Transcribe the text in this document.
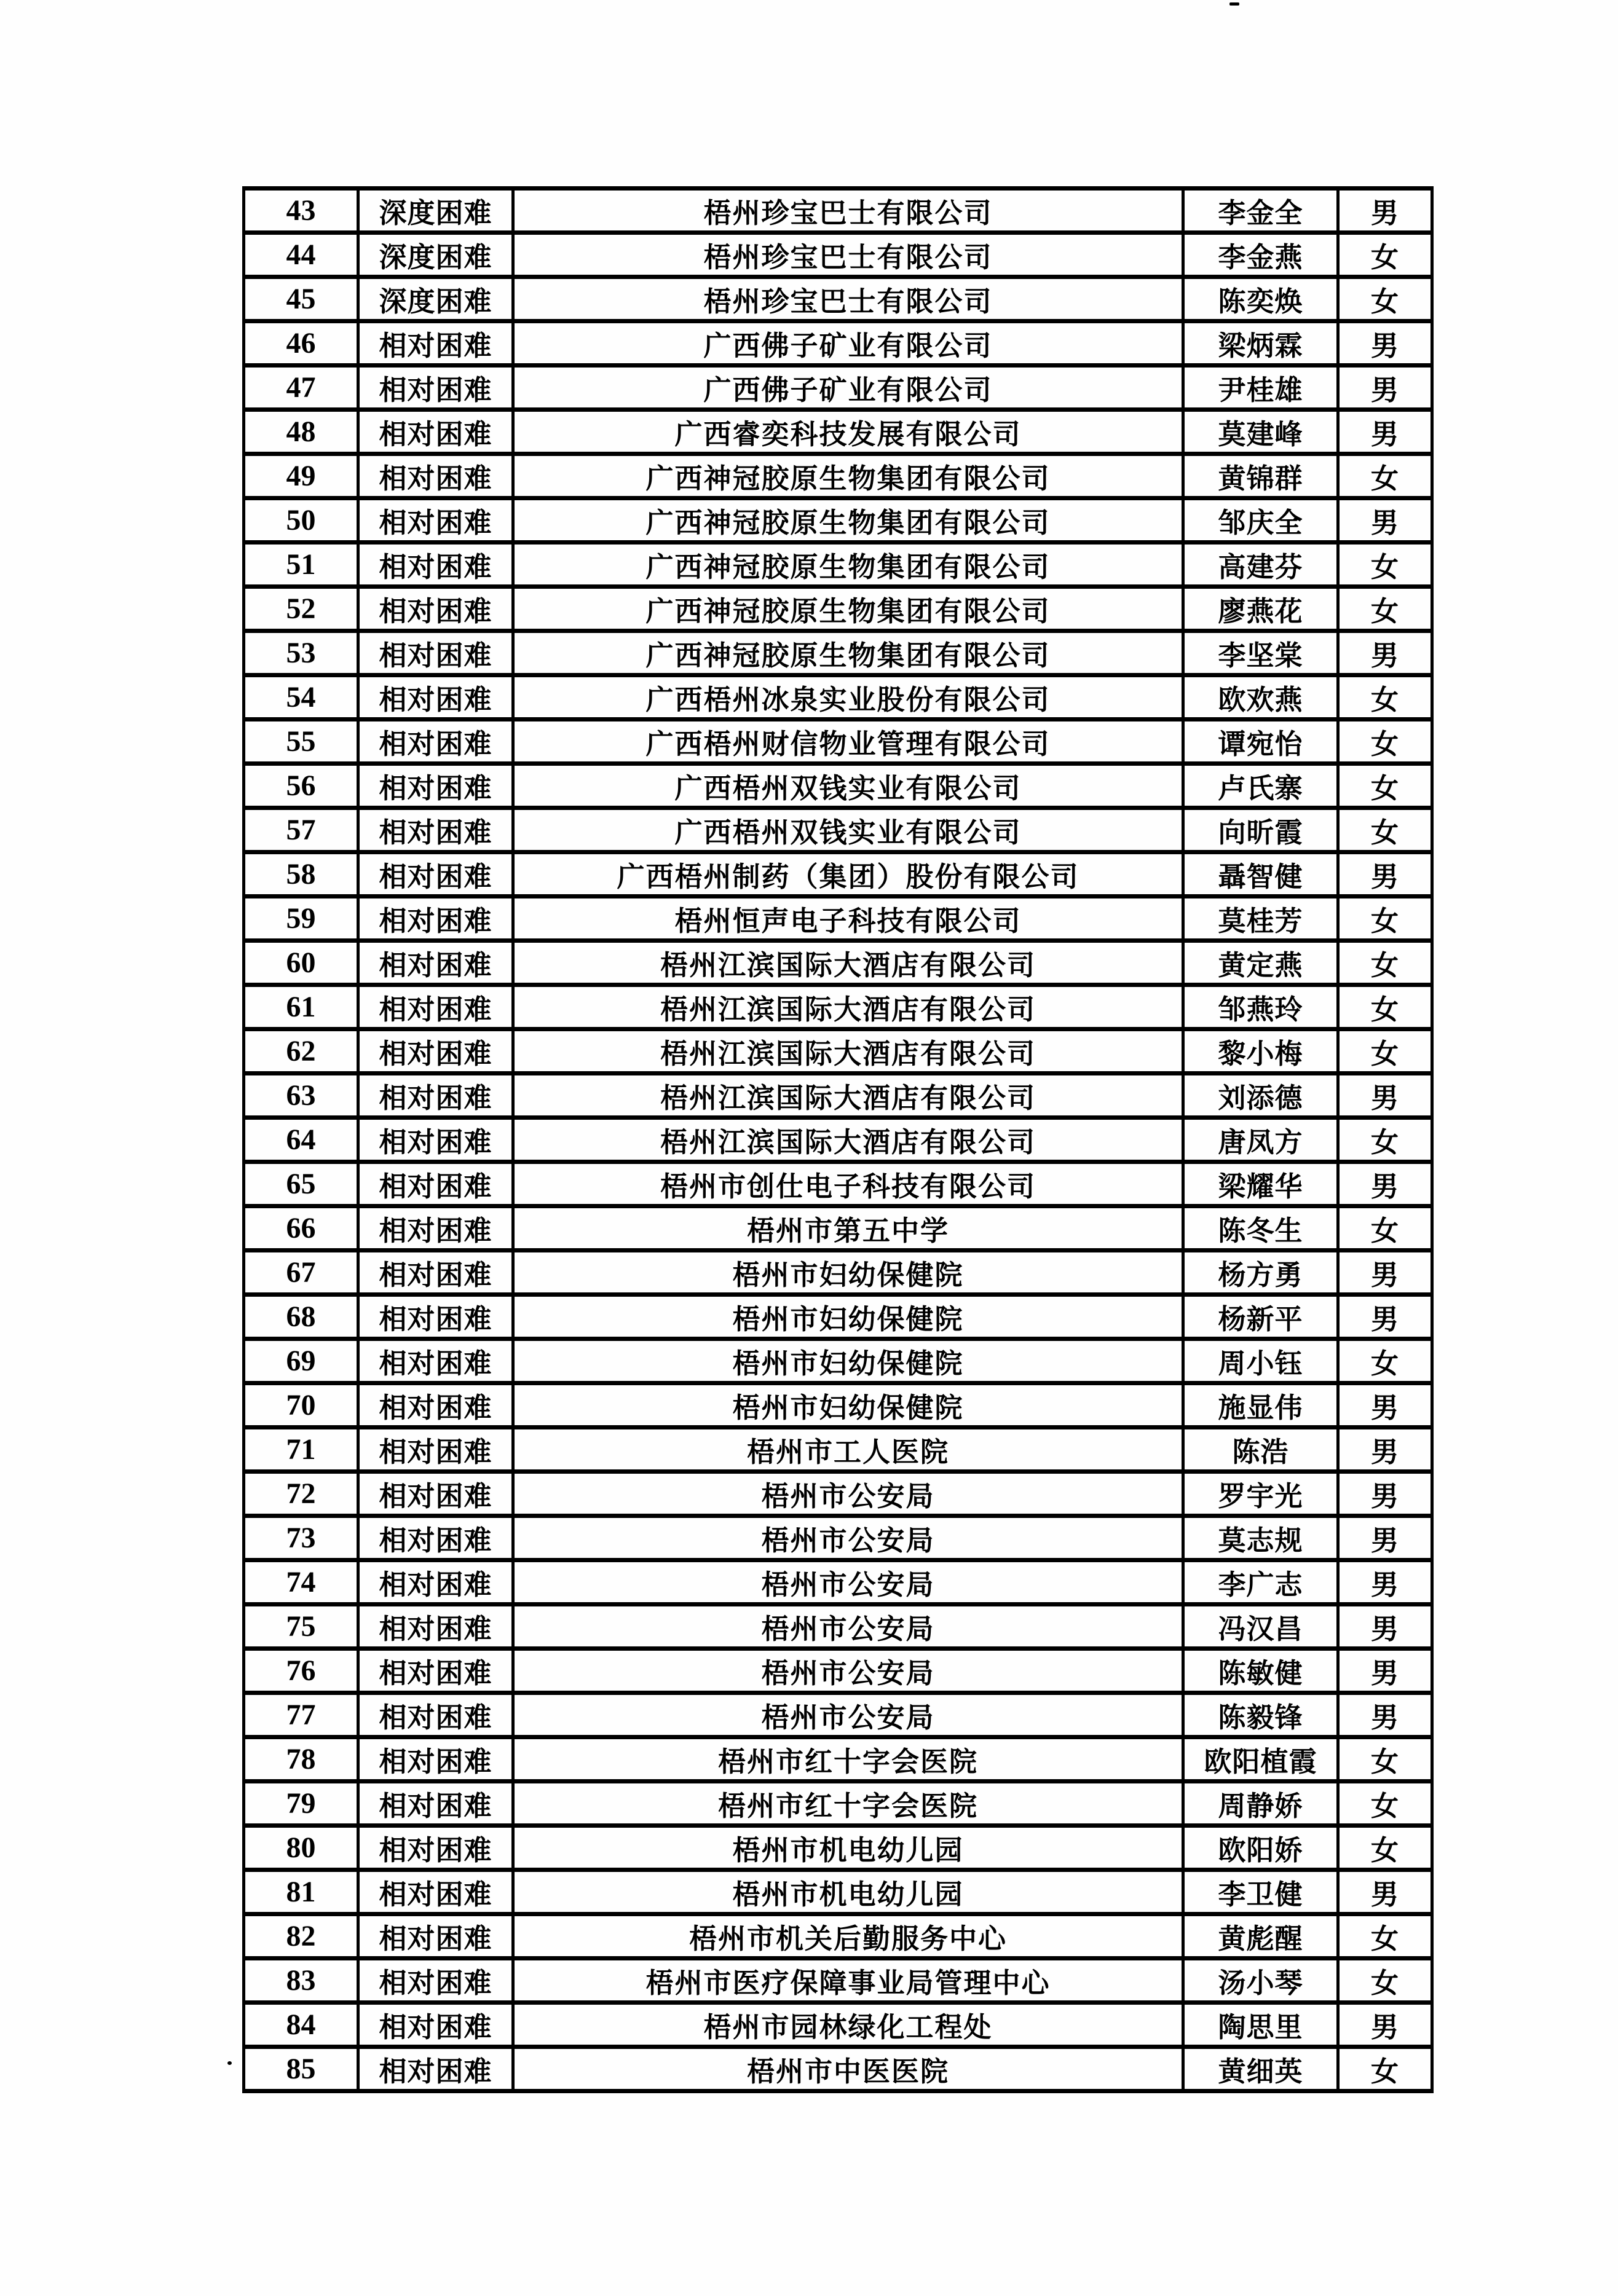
43	深度困难	梧州珍宝巴士有限公司	李金全	男
44	深度困难	梧州珍宝巴士有限公司	李金燕	女
45	深度困难	梧州珍宝巴士有限公司	陈奕焕	女
46	相对困难	广西佛子矿业有限公司	梁炳霖	男
47	相对困难	广西佛子矿业有限公司	尹桂雄	男
48	相对困难	广西睿奕科技发展有限公司	莫建峰	男
49	相对困难	广西神冠胶原生物集团有限公司	黄锦群	女
50	相对困难	广西神冠胶原生物集团有限公司	邹庆全	男
51	相对困难	广西神冠胶原生物集团有限公司	高建芬	女
52	相对困难	广西神冠胶原生物集团有限公司	廖燕花	女
53	相对困难	广西神冠胶原生物集团有限公司	李坚棠	男
54	相对困难	广西梧州冰泉实业股份有限公司	欧欢燕	女
55	相对困难	广西梧州财信物业管理有限公司	谭宛怡	女
56	相对困难	广西梧州双钱实业有限公司	卢氏寨	女
57	相对困难	广西梧州双钱实业有限公司	向昕霞	女
58	相对困难	广西梧州制药（集团）股份有限公司	聶智健	男
59	相对困难	梧州恒声电子科技有限公司	莫桂芳	女
60	相对困难	梧州江滨国际大酒店有限公司	黄定燕	女
61	相对困难	梧州江滨国际大酒店有限公司	邹燕玲	女
62	相对困难	梧州江滨国际大酒店有限公司	黎小梅	女
63	相对困难	梧州江滨国际大酒店有限公司	刘添德	男
64	相对困难	梧州江滨国际大酒店有限公司	唐凤方	女
65	相对困难	梧州市创仕电子科技有限公司	梁耀华	男
66	相对困难	梧州市第五中学	陈冬生	女
67	相对困难	梧州市妇幼保健院	杨方勇	男
68	相对困难	梧州市妇幼保健院	杨新平	男
69	相对困难	梧州市妇幼保健院	周小钰	女
70	相对困难	梧州市妇幼保健院	施显伟	男
71	相对困难	梧州市工人医院	陈浩	男
72	相对困难	梧州市公安局	罗宇光	男
73	相对困难	梧州市公安局	莫志规	男
74	相对困难	梧州市公安局	李广志	男
75	相对困难	梧州市公安局	冯汉昌	男
76	相对困难	梧州市公安局	陈敏健	男
77	相对困难	梧州市公安局	陈毅锋	男
78	相对困难	梧州市红十字会医院	欧阳植霞	女
79	相对困难	梧州市红十字会医院	周静娇	女
80	相对困难	梧州市机电幼儿园	欧阳娇	女
81	相对困难	梧州市机电幼儿园	李卫健	男
82	相对困难	梧州市机关后勤服务中心	黄彪醒	女
83	相对困难	梧州市医疗保障事业局管理中心	汤小琴	女
84	相对困难	梧州市园林绿化工程处	陶思里	男
85	相对困难	梧州市中医医院	黄细英	女
